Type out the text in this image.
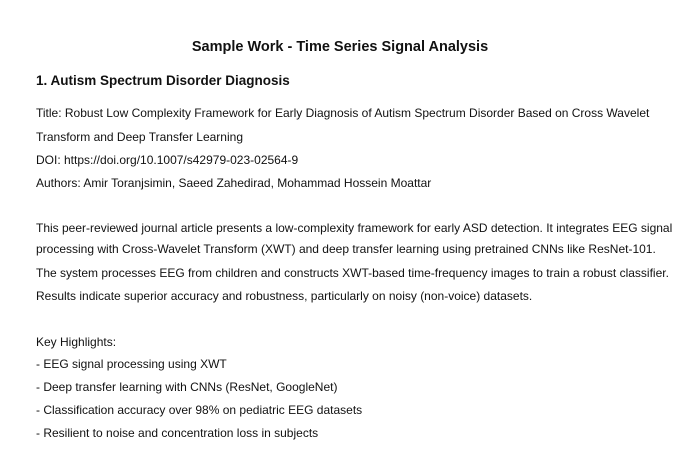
Sample Work - Time Series Signal Analysis
1. Autism Spectrum Disorder Diagnosis
Title: Robust Low Complexity Framework for Early Diagnosis of Autism Spectrum Disorder Based on Cross Wavelet
Transform and Deep Transfer Learning
DOI: https://doi.org/10.1007/s42979-023-02564-9
Authors: Amir Toranjsimin, Saeed Zahedirad, Mohammad Hossein Moattar
This peer-reviewed journal article presents a low-complexity framework for early ASD detection. It integrates EEG signal
processing with Cross-Wavelet Transform (XWT) and deep transfer learning using pretrained CNNs like ResNet-101.
The system processes EEG from children and constructs XWT-based time-frequency images to train a robust classifier.
Results indicate superior accuracy and robustness, particularly on noisy (non-voice) datasets.
Key Highlights:
- EEG signal processing using XWT
- Deep transfer learning with CNNs (ResNet, GoogleNet)
- Classification accuracy over 98% on pediatric EEG datasets
- Resilient to noise and concentration loss in subjects
